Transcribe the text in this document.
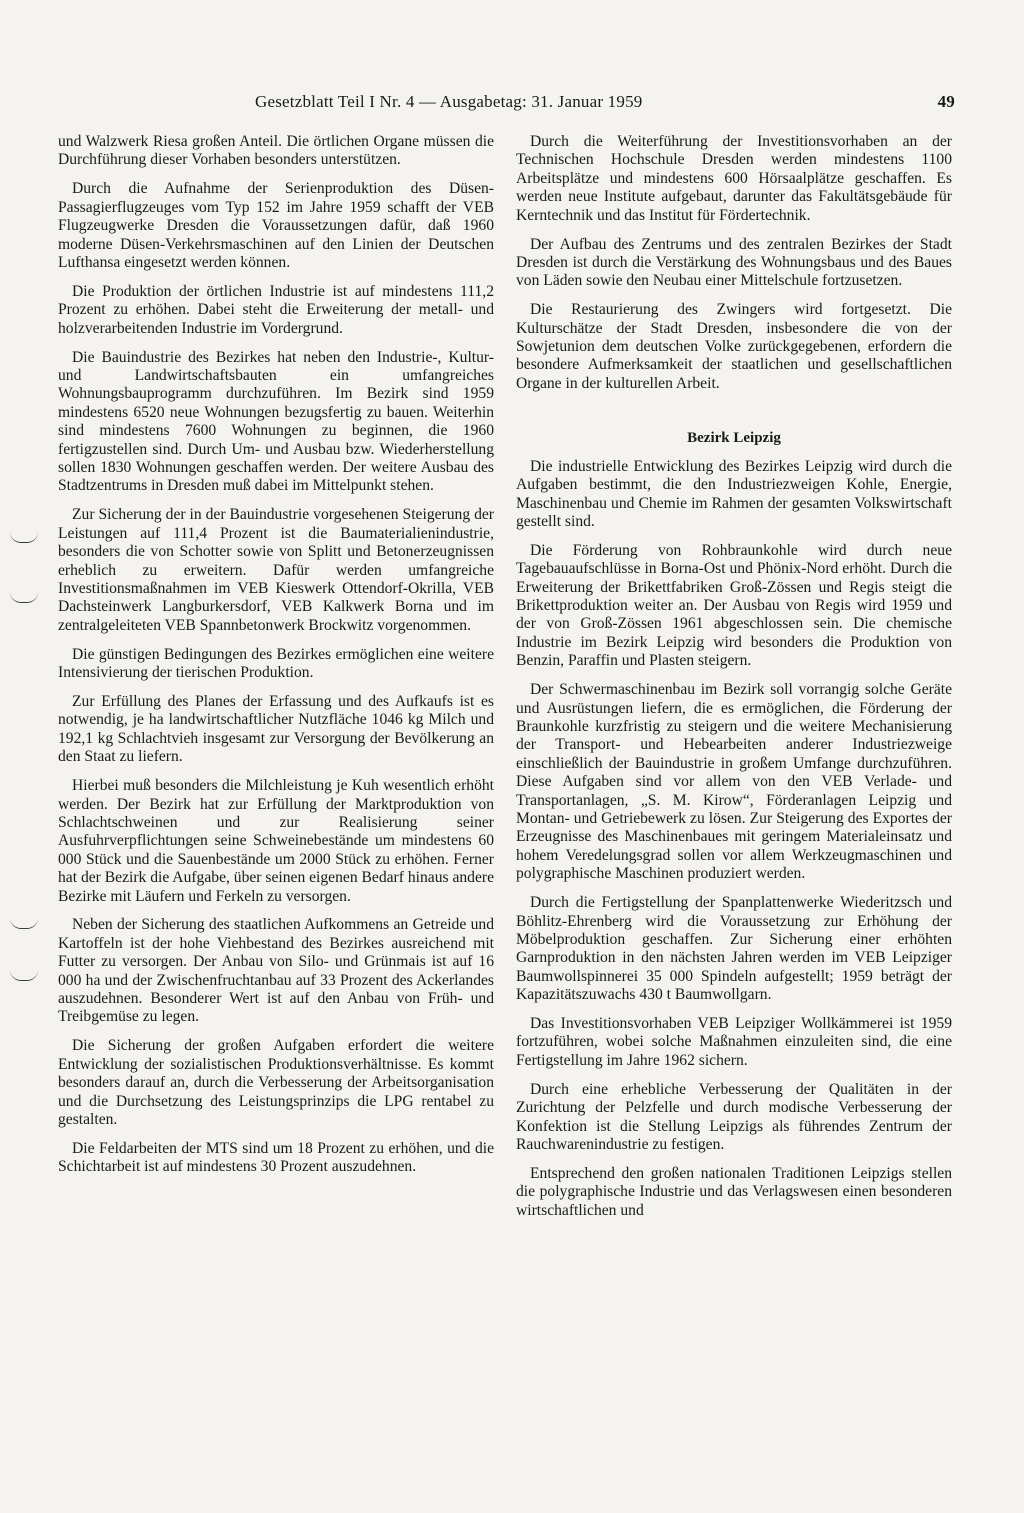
Gesetzblatt Teil I Nr. 4 — Ausgabetag: 31. Januar 1959	49

und Walzwerk Riesa großen Anteil. Die örtlichen Organe müssen die Durchführung dieser Vorhaben besonders unterstützen.

Durch die Aufnahme der Serienproduktion des Düsen-Passagierflugzeuges vom Typ 152 im Jahre 1959 schafft der VEB Flugzeugwerke Dresden die Voraussetzungen dafür, daß 1960 moderne Düsen-Verkehrsmaschinen auf den Linien der Deutschen Lufthansa eingesetzt werden können.

Die Produktion der örtlichen Industrie ist auf mindestens 111,2 Prozent zu erhöhen. Dabei steht die Erweiterung der metall- und holzverarbeitenden Industrie im Vordergrund.

Die Bauindustrie des Bezirkes hat neben den Industrie-, Kultur- und Landwirtschaftsbauten ein umfangreiches Wohnungsbauprogramm durchzuführen. Im Bezirk sind 1959 mindestens 6520 neue Wohnungen bezugsfertig zu bauen. Weiterhin sind mindestens 7600 Wohnungen zu beginnen, die 1960 fertigzustellen sind. Durch Um- und Ausbau bzw. Wiederherstellung sollen 1830 Wohnungen geschaffen werden. Der weitere Ausbau des Stadtzentrums in Dresden muß dabei im Mittelpunkt stehen.

Zur Sicherung der in der Bauindustrie vorgesehenen Steigerung der Leistungen auf 111,4 Prozent ist die Baumaterialienindustrie, besonders die von Schotter sowie von Splitt und Betonerzeugnissen erheblich zu erweitern. Dafür werden umfangreiche Investitionsmaßnahmen im VEB Kieswerk Ottendorf-Okrilla, VEB Dachsteinwerk Langburkersdorf, VEB Kalkwerk Borna und im zentralgeleiteten VEB Spannbetonwerk Brockwitz vorgenommen.

Die günstigen Bedingungen des Bezirkes ermöglichen eine weitere Intensivierung der tierischen Produktion.

Zur Erfüllung des Planes der Erfassung und des Aufkaufs ist es notwendig, je ha landwirtschaftlicher Nutzfläche 1046 kg Milch und 192,1 kg Schlachtvieh insgesamt zur Versorgung der Bevölkerung an den Staat zu liefern.

Hierbei muß besonders die Milchleistung je Kuh wesentlich erhöht werden. Der Bezirk hat zur Erfüllung der Marktproduktion von Schlachtschweinen und zur Realisierung seiner Ausfuhrverpflichtungen seine Schweinebestände um mindestens 60 000 Stück und die Sauenbestände um 2000 Stück zu erhöhen. Ferner hat der Bezirk die Aufgabe, über seinen eigenen Bedarf hinaus andere Bezirke mit Läufern und Ferkeln zu versorgen.

Neben der Sicherung des staatlichen Aufkommens an Getreide und Kartoffeln ist der hohe Viehbestand des Bezirkes ausreichend mit Futter zu versorgen. Der Anbau von Silo- und Grünmais ist auf 16 000 ha und der Zwischenfruchtanbau auf 33 Prozent des Ackerlandes auszudehnen. Besonderer Wert ist auf den Anbau von Früh- und Treibgemüse zu legen.

Die Sicherung der großen Aufgaben erfordert die weitere Entwicklung der sozialistischen Produktionsverhältnisse. Es kommt besonders darauf an, durch die Verbesserung der Arbeitsorganisation und die Durchsetzung des Leistungsprinzips die LPG rentabel zu gestalten.

Die Feldarbeiten der MTS sind um 18 Prozent zu erhöhen, und die Schichtarbeit ist auf mindestens 30 Prozent auszudehnen.

Durch die Weiterführung der Investitionsvorhaben an der Technischen Hochschule Dresden werden mindestens 1100 Arbeitsplätze und mindestens 600 Hörsaalplätze geschaffen. Es werden neue Institute aufgebaut, darunter das Fakultätsgebäude für Kerntechnik und das Institut für Fördertechnik.

Der Aufbau des Zentrums und des zentralen Bezirkes der Stadt Dresden ist durch die Verstärkung des Wohnungsbaus und des Baues von Läden sowie den Neubau einer Mittelschule fortzusetzen.

Die Restaurierung des Zwingers wird fortgesetzt. Die Kulturschätze der Stadt Dresden, insbesondere die von der Sowjetunion dem deutschen Volke zurückgegebenen, erfordern die besondere Aufmerksamkeit der staatlichen und gesellschaftlichen Organe in der kulturellen Arbeit.

Bezirk Leipzig

Die industrielle Entwicklung des Bezirkes Leipzig wird durch die Aufgaben bestimmt, die den Industriezweigen Kohle, Energie, Maschinenbau und Chemie im Rahmen der gesamten Volkswirtschaft gestellt sind.

Die Förderung von Rohbraunkohle wird durch neue Tagebauaufschlüsse in Borna-Ost und Phönix-Nord erhöht. Durch die Erweiterung der Brikettfabriken Groß-Zössen und Regis steigt die Brikettproduktion weiter an. Der Ausbau von Regis wird 1959 und der von Groß-Zössen 1961 abgeschlossen sein. Die chemische Industrie im Bezirk Leipzig wird besonders die Produktion von Benzin, Paraffin und Plasten steigern.

Der Schwermaschinenbau im Bezirk soll vorrangig solche Geräte und Ausrüstungen liefern, die es ermöglichen, die Förderung der Braunkohle kurzfristig zu steigern und die weitere Mechanisierung der Transport- und Hebearbeiten anderer Industriezweige einschließlich der Bauindustrie in großem Umfange durchzuführen. Diese Aufgaben sind vor allem von den VEB Verlade- und Transportanlagen, „S. M. Kirow“, Förderanlagen Leipzig und Montan- und Getriebewerk zu lösen. Zur Steigerung des Exportes der Erzeugnisse des Maschinenbaues mit geringem Materialeinsatz und hohem Veredelungsgrad sollen vor allem Werkzeugmaschinen und polygraphische Maschinen produziert werden.

Durch die Fertigstellung der Spanplattenwerke Wiederitzsch und Böhlitz-Ehrenberg wird die Voraussetzung zur Erhöhung der Möbelproduktion geschaffen. Zur Sicherung einer erhöhten Garnproduktion in den nächsten Jahren werden im VEB Leipziger Baumwollspinnerei 35 000 Spindeln aufgestellt; 1959 beträgt der Kapazitätszuwachs 430 t Baumwollgarn.

Das Investitionsvorhaben VEB Leipziger Wollkämmerei ist 1959 fortzuführen, wobei solche Maßnahmen einzuleiten sind, die eine Fertigstellung im Jahre 1962 sichern.

Durch eine erhebliche Verbesserung der Qualitäten in der Zurichtung der Pelzfelle und durch modische Verbesserung der Konfektion ist die Stellung Leipzigs als führendes Zentrum der Rauchwarenindustrie zu festigen.

Entsprechend den großen nationalen Traditionen Leipzigs stellen die polygraphische Industrie und das Verlagswesen einen besonderen wirtschaftlichen und
